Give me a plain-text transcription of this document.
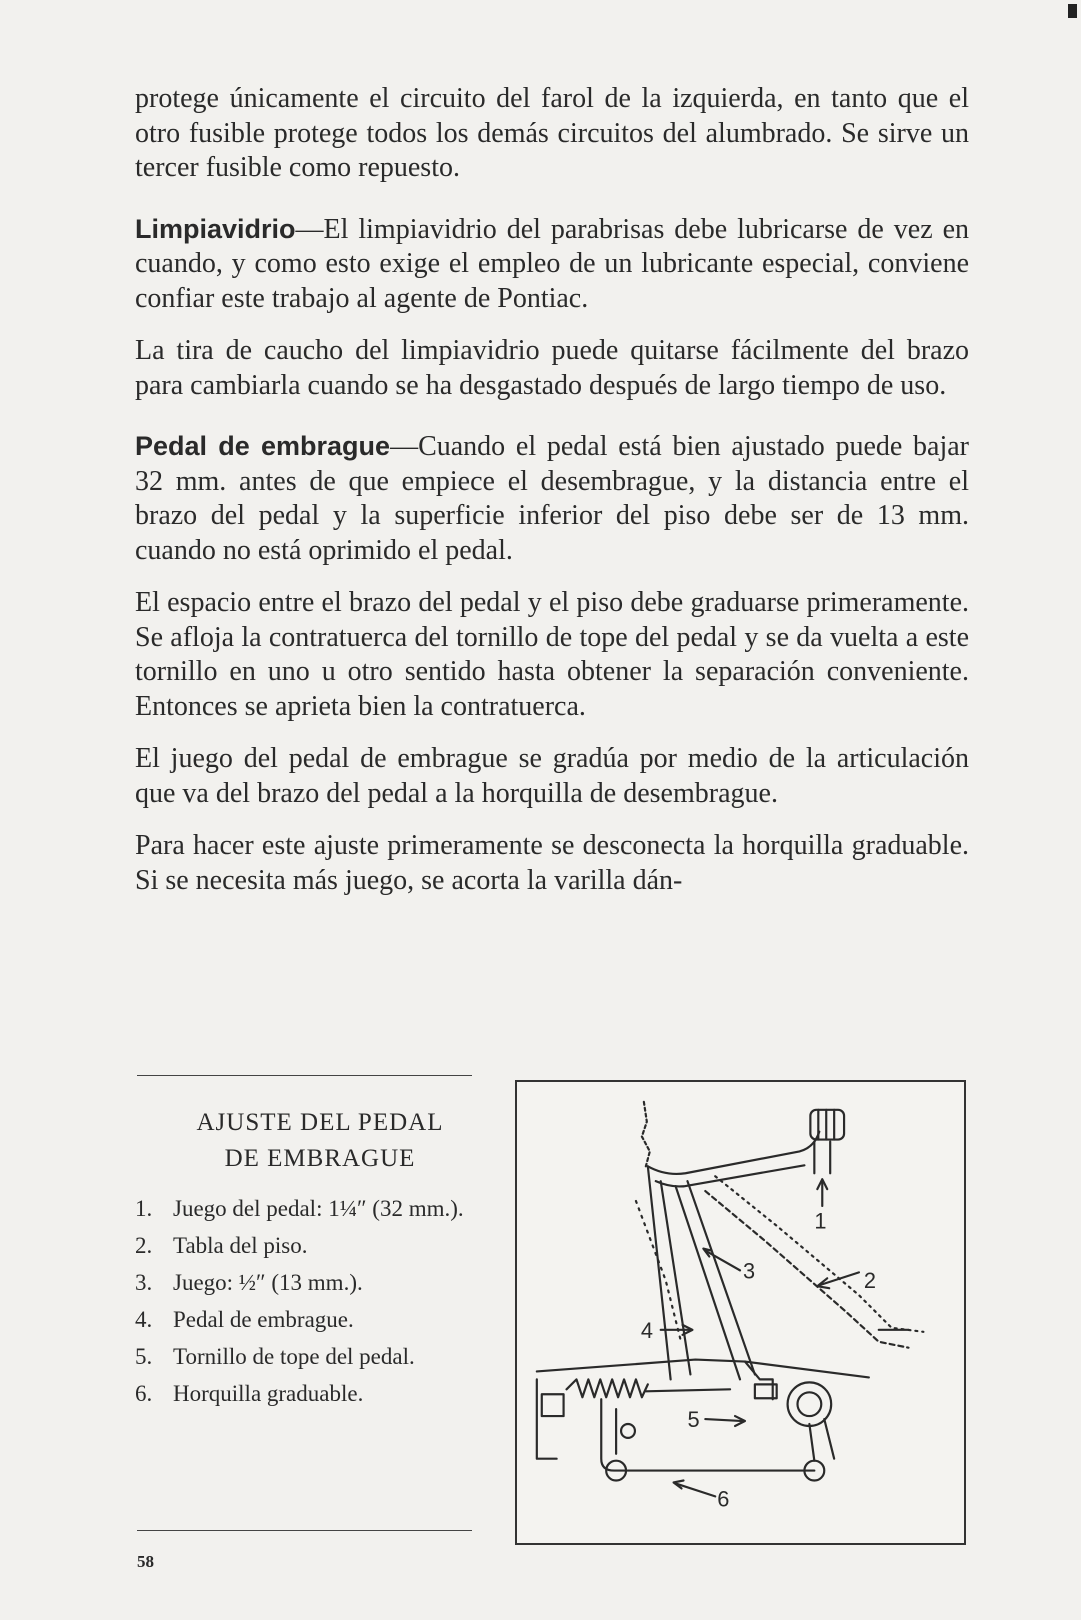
protege únicamente el circuito del farol de la izquierda, en tanto que el otro fusible protege todos los demás circuitos del alumbrado. Se sirve un tercer fusible como repuesto.

Limpiavidrio—El limpiavidrio del parabrisas debe lubricarse de vez en cuando, y como esto exige el empleo de un lubricante especial, conviene confiar este trabajo al agente de Pontiac.

La tira de caucho del limpiavidrio puede quitarse fácilmente del brazo para cambiarla cuando se ha desgastado después de largo tiempo de uso.

Pedal de embrague—Cuando el pedal está bien ajustado puede bajar 32 mm. antes de que empiece el desembrague, y la distancia entre el brazo del pedal y la superficie inferior del piso debe ser de 13 mm. cuando no está oprimido el pedal.

El espacio entre el brazo del pedal y el piso debe graduarse primeramente. Se afloja la contratuerca del tornillo de tope del pedal y se da vuelta a este tornillo en uno u otro sentido hasta obtener la separación conveniente. Entonces se aprieta bien la contratuerca.

El juego del pedal de embrague se gradúa por medio de la articulación que va del brazo del pedal a la horquilla de desembrague.

Para hacer este ajuste primeramente se desconecta la horquilla graduable. Si se necesita más juego, se acorta la varilla dán-

AJUSTE DEL PEDAL
DE EMBRAGUE
1. Juego del pedal: 1¼″ (32 mm.).
2. Tabla del piso.
3. Juego: ½″ (13 mm.).
4. Pedal de embrague.
5. Tornillo de tope del pedal.
6. Horquilla graduable.
1
2
3
4
5
6
58
